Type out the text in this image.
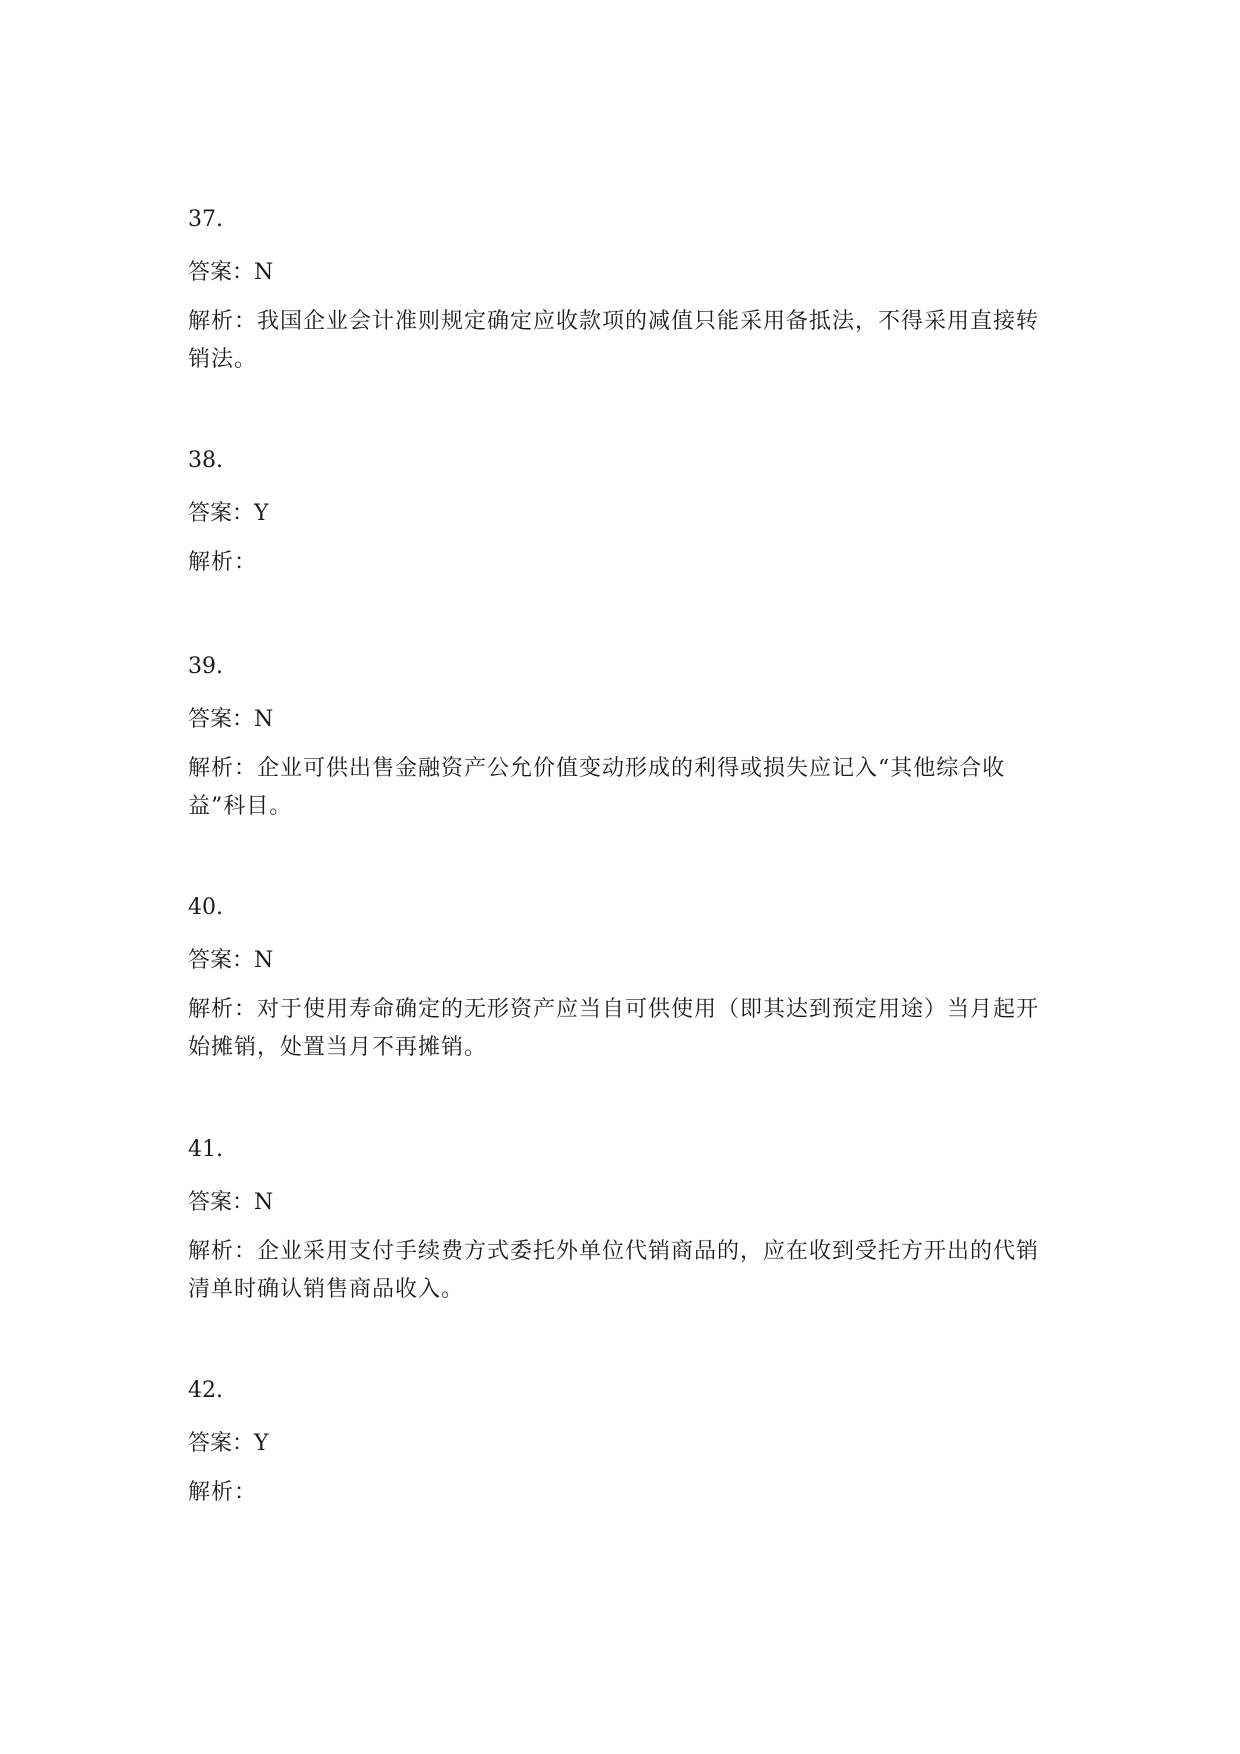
37.
答案：N
解析：我国企业会计准则规定确定应收款项的减值只能采用备抵法，不得采用直接转销法。
38.
答案：Y
解析：
39.
答案：N
解析：企业可供出售金融资产公允价值变动形成的利得或损失应记入“其他综合收益”科目。
40.
答案：N
解析：对于使用寿命确定的无形资产应当自可供使用（即其达到预定用途）当月起开始摊销，处置当月不再摊销。
41.
答案：N
解析：企业采用支付手续费方式委托外单位代销商品的，应在收到受托方开出的代销清单时确认销售商品收入。
42.
答案：Y
解析：
